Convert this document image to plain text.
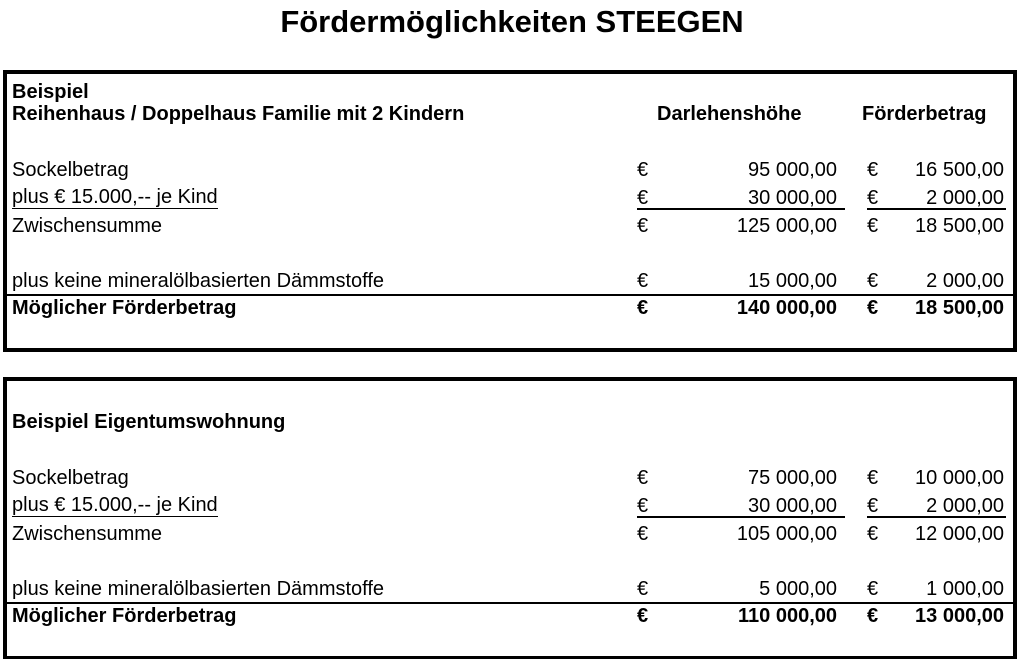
Fördermöglichkeiten STEEGEN
Beispiel
Reihenhaus / Doppelhaus Familie mit 2 Kindern	Darlehenshöhe	Förderbetrag
Sockelbetrag	€	95 000,00 € 16 500,00
plus € 15.000,-- je Kind	€	30 000,00 € 2 000,00
Zwischensumme	€	125 000,00 € 18 500,00
plus keine mineralölbasierten Dämmstoffe	€	15 000,00 € 2 000,00
Möglicher Förderbetrag	€	140 000,00 € 18 500,00
Beispiel Eigentumswohnung
Sockelbetrag	€	75 000,00 € 10 000,00
plus € 15.000,-- je Kind	€	30 000,00 € 2 000,00
Zwischensumme	€	105 000,00 € 12 000,00
plus keine mineralölbasierten Dämmstoffe	€	5 000,00 € 1 000,00
Möglicher Förderbetrag	€	110 000,00 € 13 000,00
